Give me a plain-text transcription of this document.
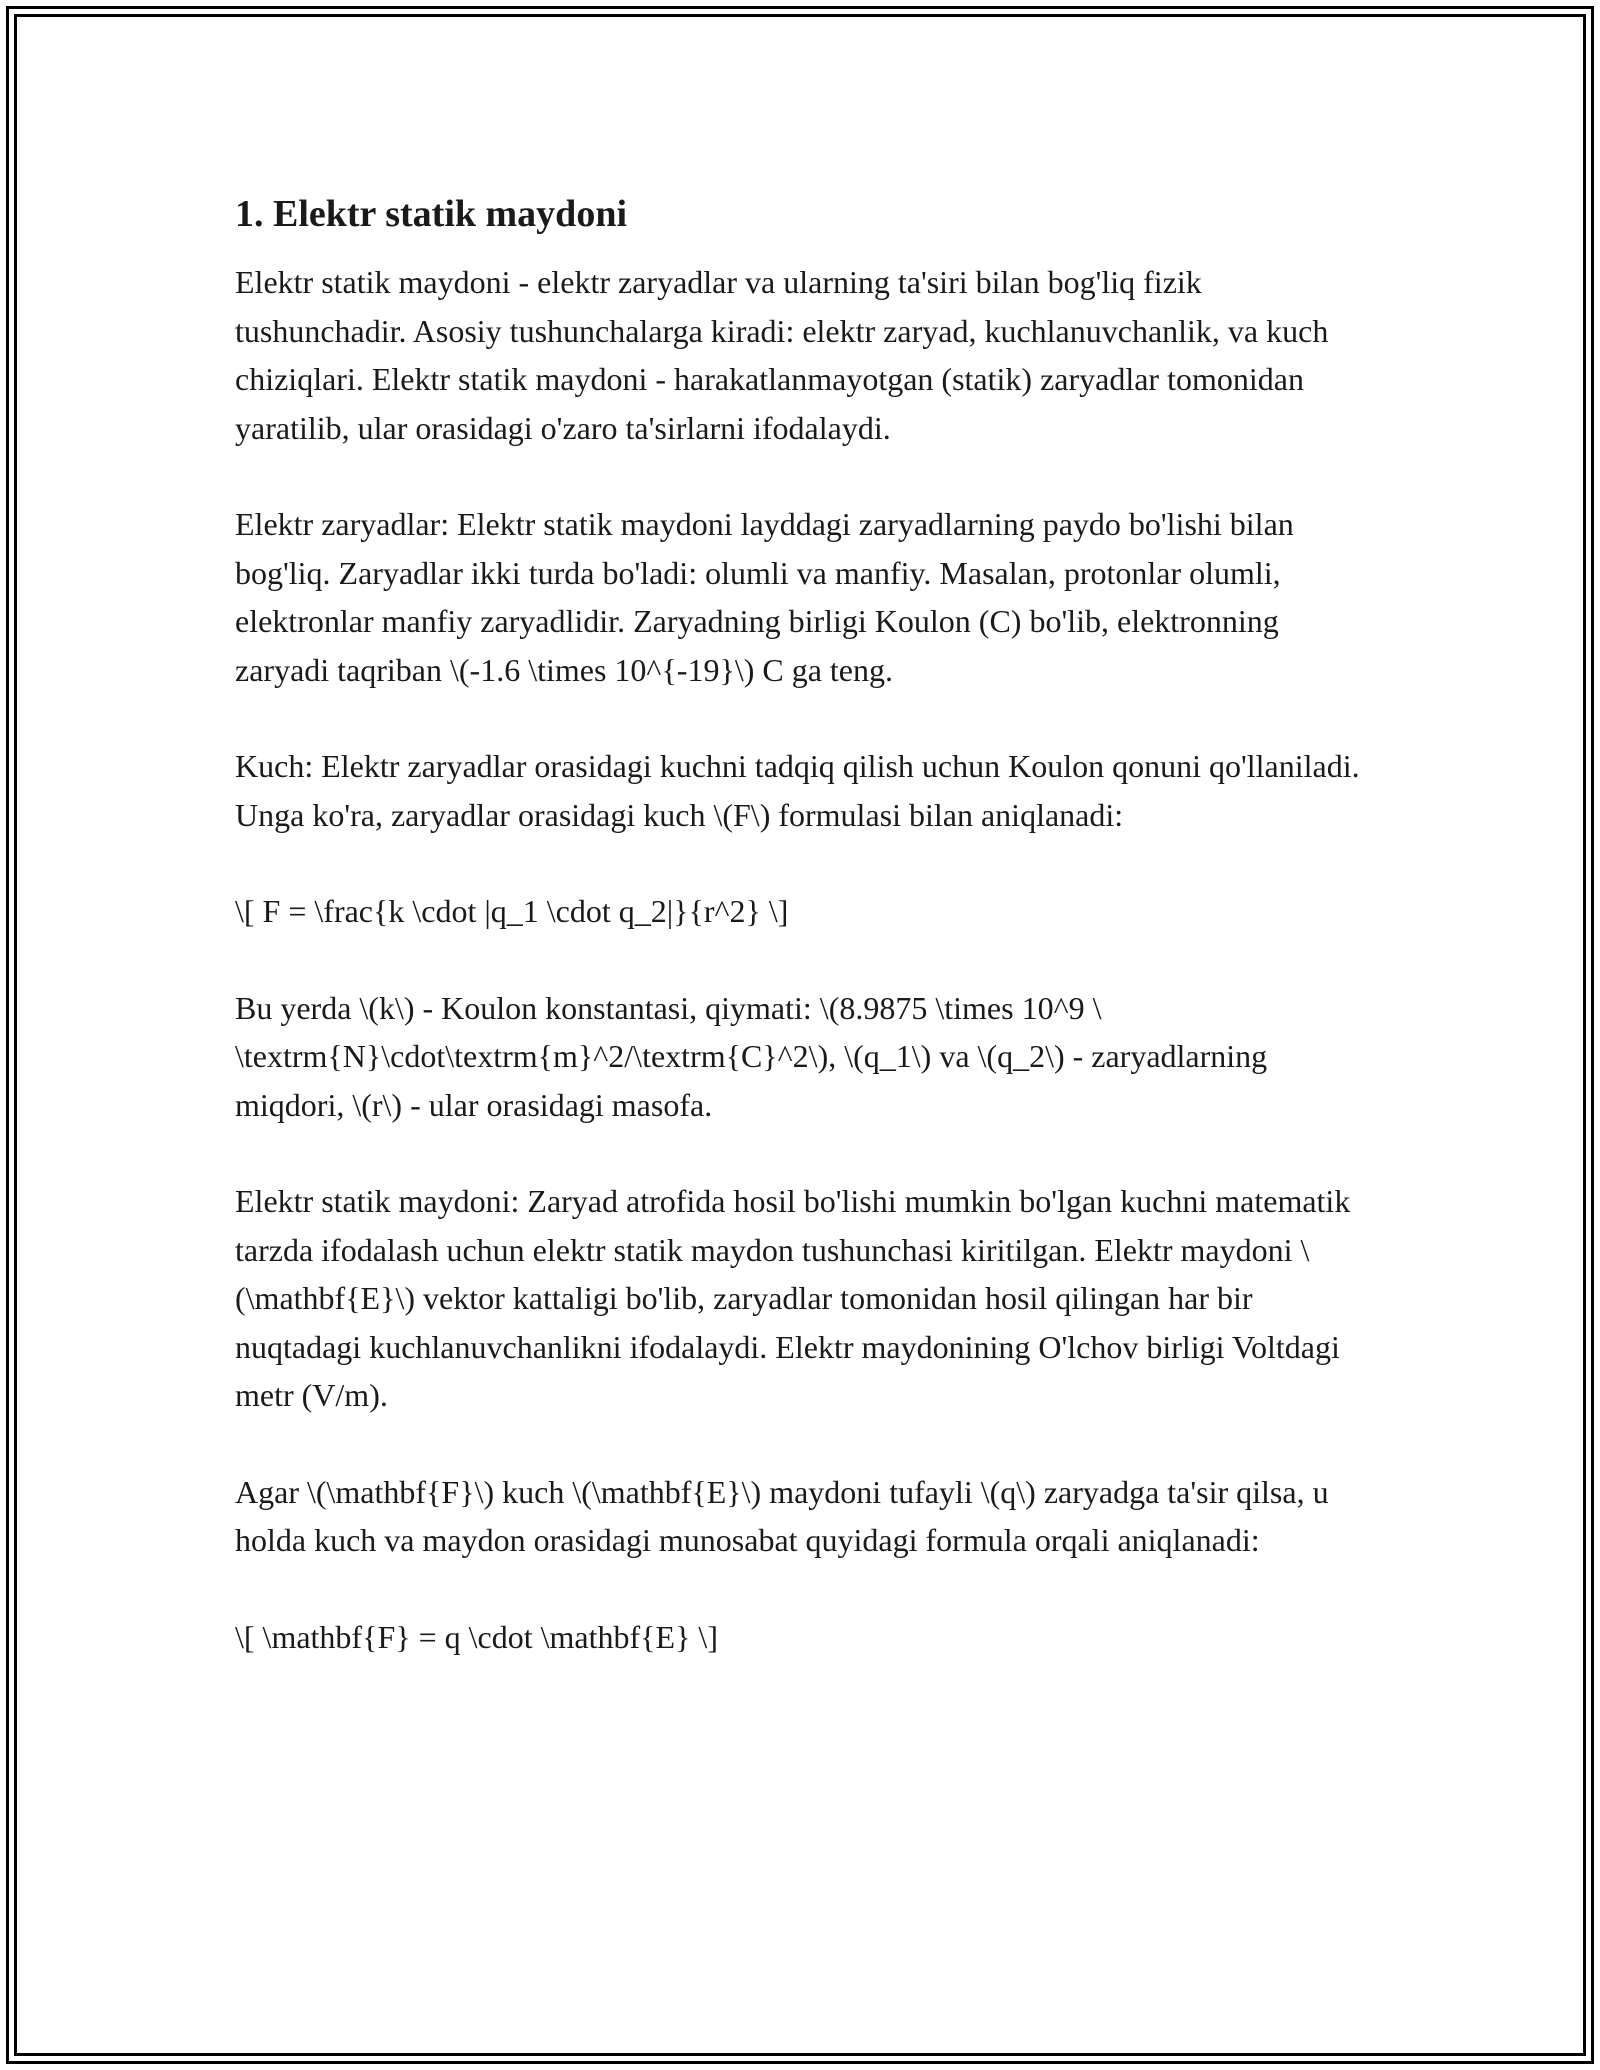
1. Elektr statik maydoni

Elektr statik maydoni - elektr zaryadlar va ularning ta'siri bilan bog'liq fizik tushunchadir. Asosiy tushunchalarga kiradi: elektr zaryad, kuchlanuvchanlik, va kuch chiziqlari. Elektr statik maydoni - harakatlanmayotgan (statik) zaryadlar tomonidan yaratilib, ular orasidagi o'zaro ta'sirlarni ifodalaydi.

Elektr zaryadlar: Elektr statik maydoni layddagi zaryadlarning paydo bo'lishi bilan bog'liq. Zaryadlar ikki turda bo'ladi: olumli va manfiy. Masalan, protonlar olumli, elektronlar manfiy zaryadlidir. Zaryadning birligi Koulon (C) bo'lib, elektronning zaryadi taqriban \(-1.6 \times 10^{-19}\) C ga teng.

Kuch: Elektr zaryadlar orasidagi kuchni tadqiq qilish uchun Koulon qonuni qo'llaniladi. Unga ko'ra, zaryadlar orasidagi kuch \(F\) formulasi bilan aniqlanadi:

\[ F = \frac{k \cdot |q_1 \cdot q_2|}{r^2} \]

Bu yerda \(k\) - Koulon konstantasi, qiymati: \(8.9875 \times 10^9 \ \textrm{N}\cdot\textrm{m}^2/\textrm{C}^2\), \(q_1\) va \(q_2\) - zaryadlarning miqdori, \(r\) - ular orasidagi masofa.

Elektr statik maydoni: Zaryad atrofida hosil bo'lishi mumkin bo'lgan kuchni matematik tarzda ifodalash uchun elektr statik maydon tushunchasi kiritilgan. Elektr maydoni \(\mathbf{E}\) vektor kattaligi bo'lib, zaryadlar tomonidan hosil qilingan har bir nuqtadagi kuchlanuvchanlikni ifodalaydi. Elektr maydonining O'lchov birligi Voltdagi metr (V/m).

Agar \(\mathbf{F}\) kuch \(\mathbf{E}\) maydoni tufayli \(q\) zaryadga ta'sir qilsa, u holda kuch va maydon orasidagi munosabat quyidagi formula orqali aniqlanadi:

\[ \mathbf{F} = q \cdot \mathbf{E} \]
